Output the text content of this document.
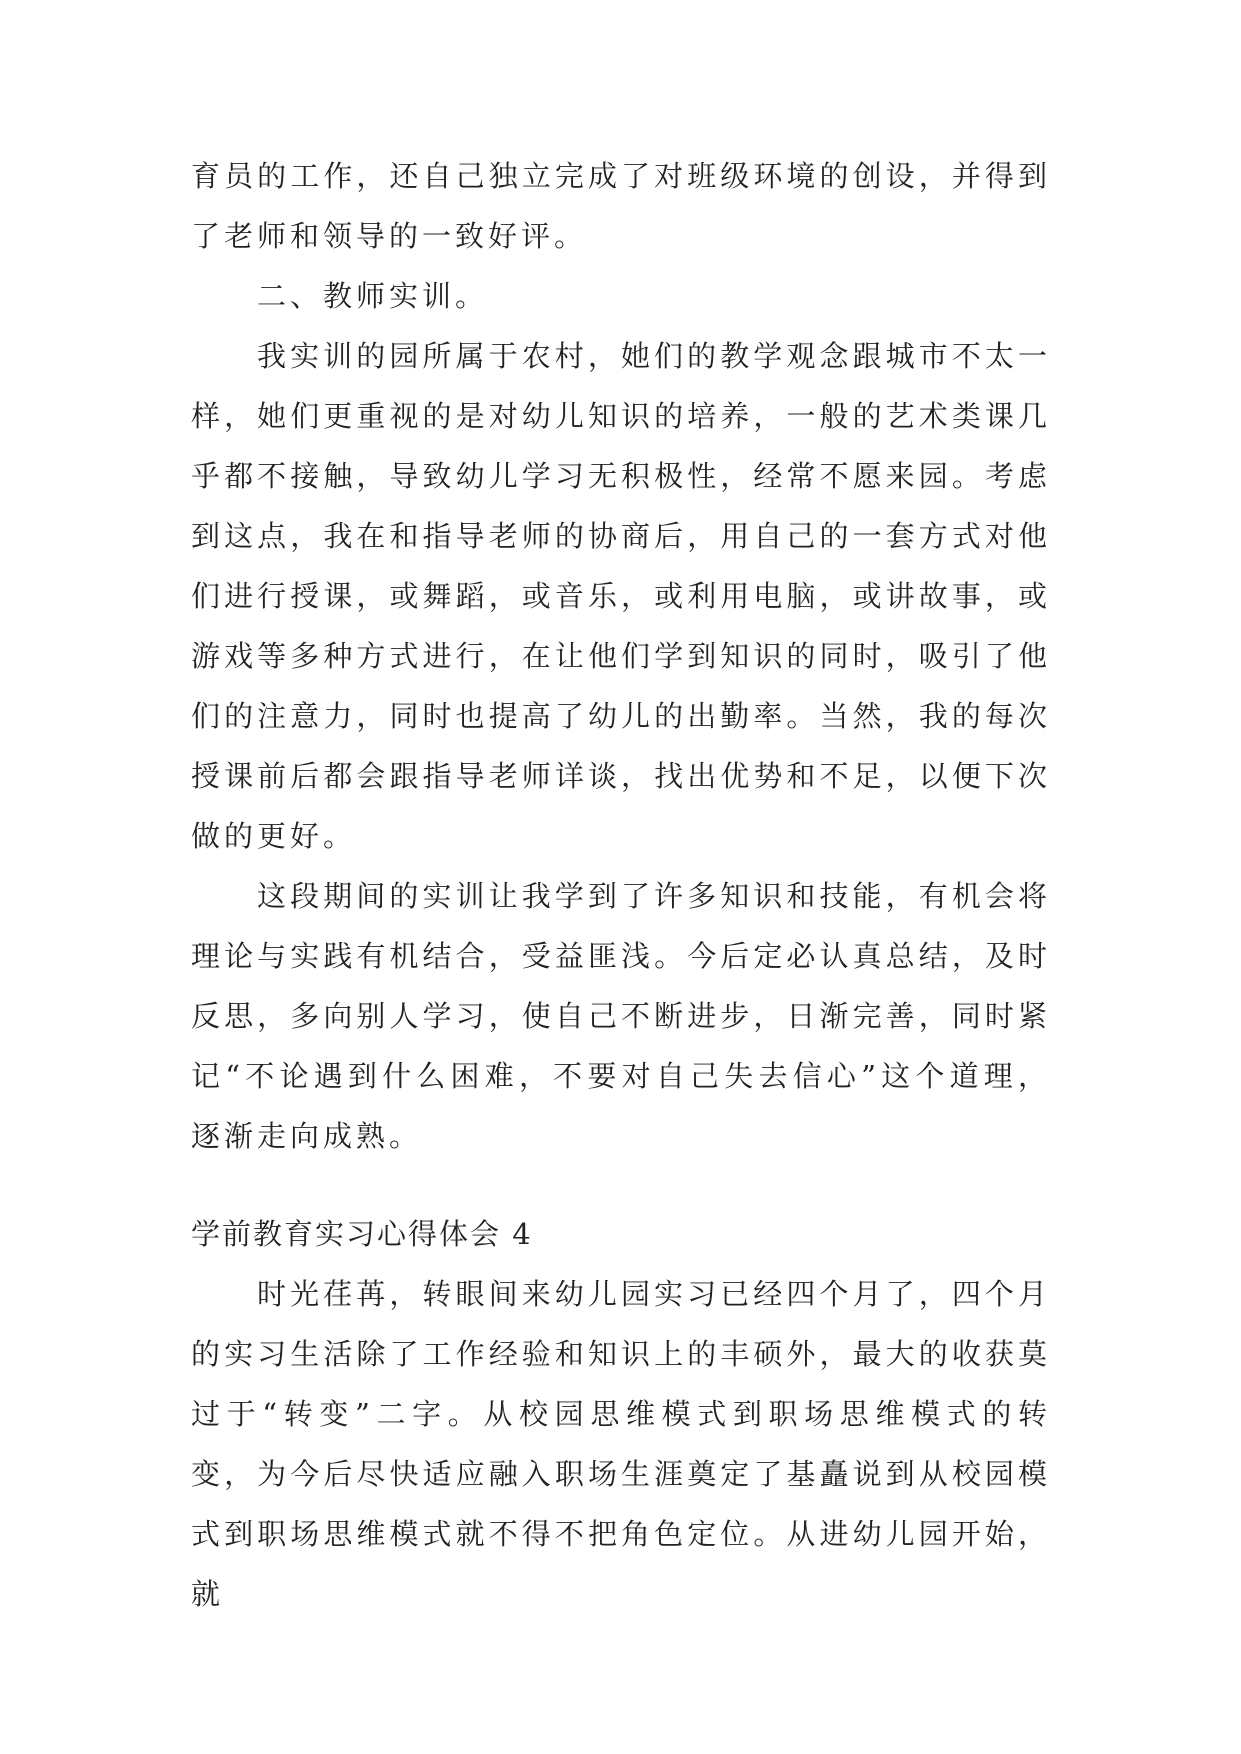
育员的工作，还自己独立完成了对班级环境的创设，并得到了老师和领导的一致好评。

二、教师实训。

我实训的园所属于农村，她们的教学观念跟城市不太一样，她们更重视的是对幼儿知识的培养，一般的艺术类课几乎都不接触，导致幼儿学习无积极性，经常不愿来园。考虑到这点，我在和指导老师的协商后，用自己的一套方式对他们进行授课，或舞蹈，或音乐，或利用电脑，或讲故事，或游戏等多种方式进行，在让他们学到知识的同时，吸引了他们的注意力，同时也提高了幼儿的出勤率。当然，我的每次授课前后都会跟指导老师详谈，找出优势和不足，以便下次做的更好。

这段期间的实训让我学到了许多知识和技能，有机会将理论与实践有机结合，受益匪浅。今后定必认真总结，及时反思，多向别人学习，使自己不断进步，日渐完善，同时紧记“不论遇到什么困难，不要对自己失去信心”这个道理，逐渐走向成熟。

学前教育实习心得体会 4

时光荏苒，转眼间来幼儿园实习已经四个月了，四个月的实习生活除了工作经验和知识上的丰硕外，最大的收获莫过于“转变”二字。从校园思维模式到职场思维模式的转变，为今后尽快适应融入职场生涯奠定了基矗说到从校园模式到职场思维模式就不得不把角色定位。从进幼儿园开始，就
